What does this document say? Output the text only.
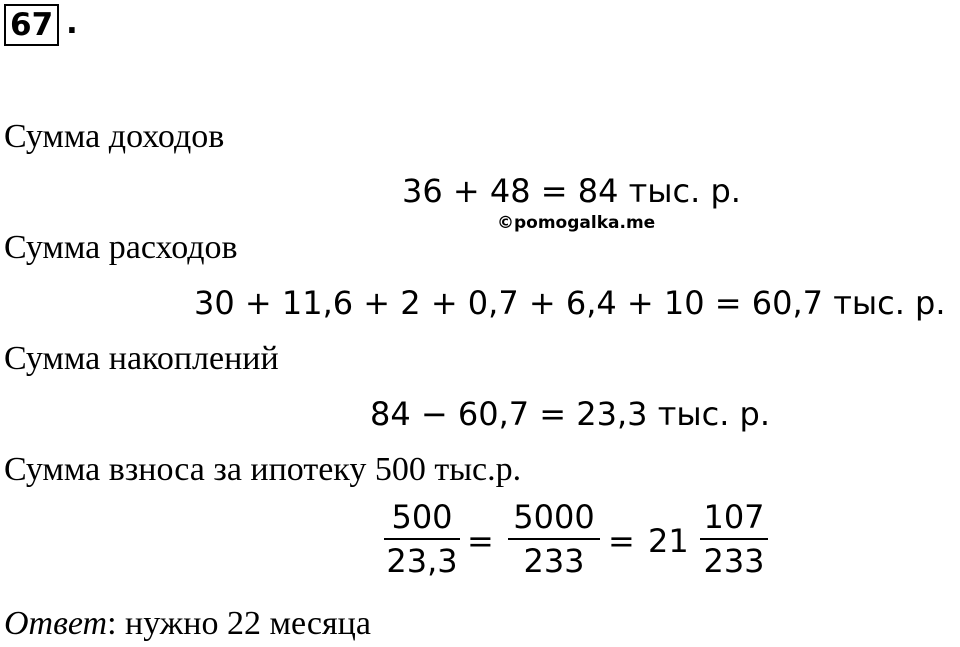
67 .
Сумма доходов
36 + 48 = 84 тыс. р.
©pomogalka.me
Сумма расходов
30 + 11,6 + 2 + 0,7 + 6,4 + 10 = 60,7 тыс. р.
Сумма накоплений
84 − 60,7 = 23,3 тыс. р.
Сумма взноса за ипотеку 500 тыс.р.
500
23,3
=
5000
233
= 21
107
233
Ответ: нужно 22 месяца
